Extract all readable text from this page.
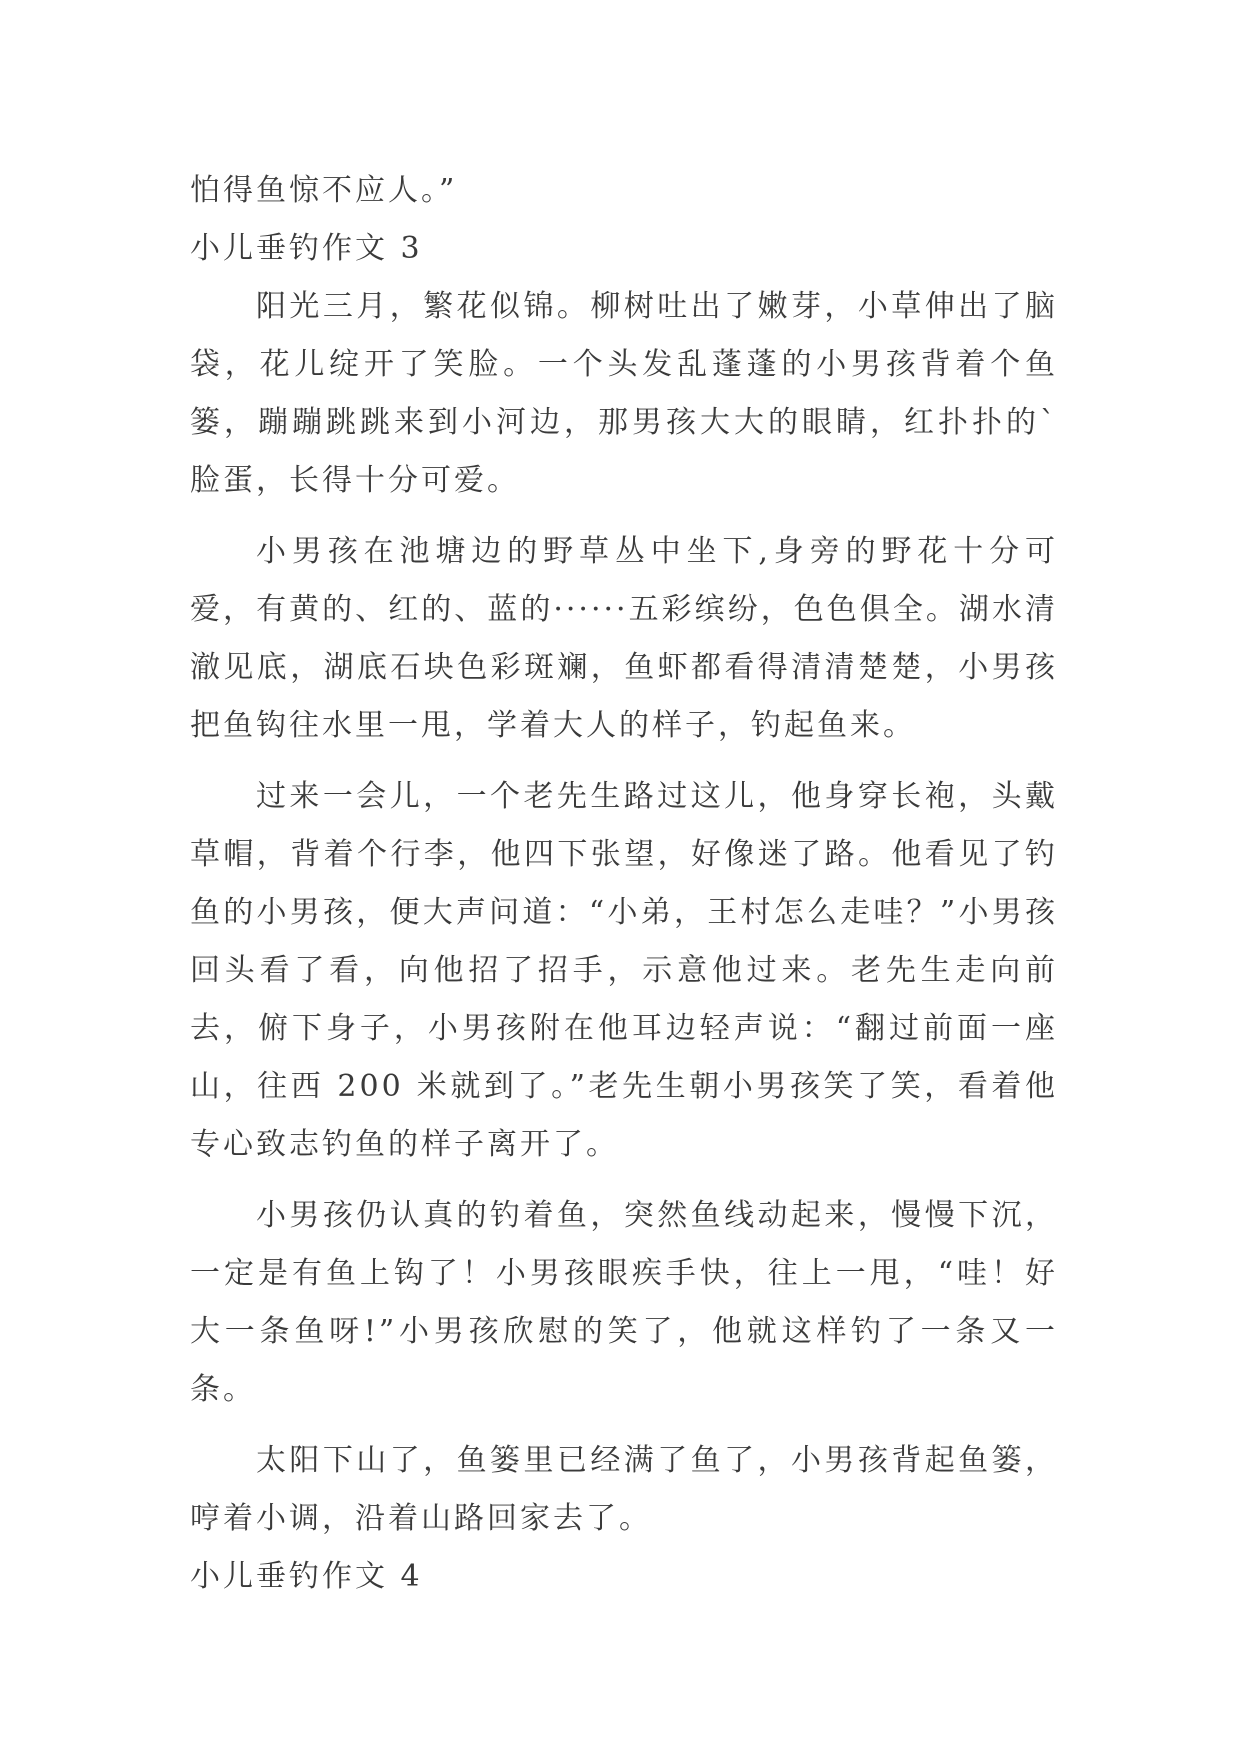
怕得鱼惊不应人。”

小儿垂钓作文 3

阳光三月，繁花似锦。柳树吐出了嫩芽，小草伸出了脑袋，花儿绽开了笑脸。一个头发乱蓬蓬的小男孩背着个鱼篓，蹦蹦跳跳来到小河边，那男孩大大的眼睛，红扑扑的`脸蛋，长得十分可爱。

小男孩在池塘边的野草丛中坐下,身旁的野花十分可爱，有黄的、红的、蓝的······五彩缤纷，色色俱全。湖水清澈见底，湖底石块色彩斑斓，鱼虾都看得清清楚楚，小男孩把鱼钩往水里一甩，学着大人的样子，钓起鱼来。

过来一会儿，一个老先生路过这儿，他身穿长袍，头戴草帽，背着个行李，他四下张望，好像迷了路。他看见了钓鱼的小男孩，便大声问道：“小弟，王村怎么走哇？”小男孩回头看了看，向他招了招手，示意他过来。老先生走向前去，俯下身子，小男孩附在他耳边轻声说：“翻过前面一座山，往西 200 米就到了。”老先生朝小男孩笑了笑，看着他专心致志钓鱼的样子离开了。

小男孩仍认真的钓着鱼，突然鱼线动起来，慢慢下沉，一定是有鱼上钩了！小男孩眼疾手快，往上一甩，“哇！好大一条鱼呀!”小男孩欣慰的笑了，他就这样钓了一条又一条。

太阳下山了，鱼篓里已经满了鱼了，小男孩背起鱼篓，哼着小调，沿着山路回家去了。

小儿垂钓作文 4
